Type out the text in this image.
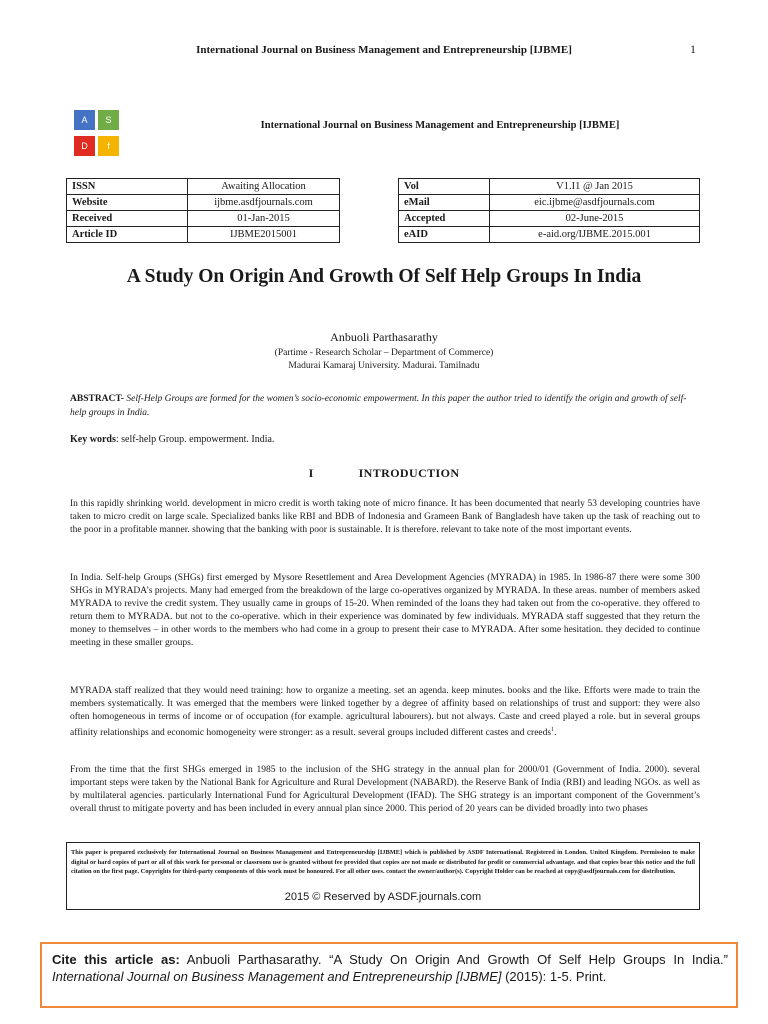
International Journal on Business Management and Entrepreneurship [IJBME]	1
A	S
D	f
International Journal on Business Management and Entrepreneurship [IJBME]
ISSN	Awaiting Allocation
Website	ijbme.asdfjournals.com
Received	01-Jan-2015
Article ID	IJBME2015001
Vol	V1.I1 @ Jan 2015
eMail	eic.ijbme@asdfjournals.com
Accepted	02-June-2015
eAID	e-aid.org/IJBME.2015.001
A Study On Origin And Growth Of Self Help Groups In India
Anbuoli Parthasarathy
(Partime - Research Scholar – Department of Commerce)
Madurai Kamaraj University. Madurai. Tamilnadu
ABSTRACT- Self-Help Groups are formed for the women’s socio-economic empowerment. In this paper the author tried to identify the origin and growth of self-help groups in India.
Key words: self-help Group. empowerment. India.
I	INTRODUCTION
In this rapidly shrinking world. development in micro credit is worth taking note of micro finance. It has been documented that nearly 53 developing countries have taken to micro credit on large scale. Specialized banks like RBI and BDB of Indonesia and Grameen Bank of Bangladesh have taken up the task of reaching out to the poor in a profitable manner. showing that the banking with poor is sustainable. It is therefore. relevant to take note of the most important events.
In India. Self-help Groups (SHGs) first emerged by Mysore Resettlement and Area Development Agencies (MYRADA) in 1985. In 1986-87 there were some 300 SHGs in MYRADA’s projects. Many had emerged from the breakdown of the large co-operatives organized by MYRADA. In these areas. number of members asked MYRADA to revive the credit system. They usually came in groups of 15-20. When reminded of the loans they had taken out from the co-operative. they offered to return them to MYRADA. but not to the co-operative. which in their experience was dominated by few individuals. MYRADA staff suggested that they return the money to themselves – in other words to the members who had come in a group to present their case to MYRADA. After some hesitation. they decided to continue meeting in these smaller groups.
MYRADA staff realized that they would need training: how to organize a meeting. set an agenda. keep minutes. books and the like. Efforts were made to train the members systematically. It was emerged that the members were linked together by a degree of affinity based on relationships of trust and support: they were also often homogeneous in terms of income or of occupation (for example. agricultural labourers). but not always. Caste and creed played a role. but in several groups affinity relationships and economic homogeneity were stronger: as a result. several groups included different castes and creeds$^1$.
From the time that the first SHGs emerged in 1985 to the inclusion of the SHG strategy in the annual plan for 2000/01 (Government of India. 2000). several important steps were taken by the National Bank for Agriculture and Rural Development (NABARD). the Reserve Bank of India (RBI) and leading NGOs. as well as by multilateral agencies. particularly International Fund for Agricultural Development (IFAD). The SHG strategy is an important component of the Government’s overall thrust to mitigate poverty and has been included in every annual plan since 2000. This period of 20 years can be divided broadly into two phases
This paper is prepared exclusively for International Journal on Business Management and Entrepreneurship [IJBME] which is published by ASDF International. Registered in London. United Kingdom. Permission to make digital or hard copies of part or all of this work for personal or classroom use is granted without fee provided that copies are not made or distributed for profit or commercial advantage. and that copies bear this notice and the full citation on the first page. Copyrights for third-party components of this work must be honoured. For all other uses. contact the owner/author(s). Copyright Holder can be reached at copy@asdfjournals.com for distribution.
2015 © Reserved by ASDF.journals.com
Cite this article as: Anbuoli Parthasarathy. “A Study On Origin And Growth Of Self Help Groups In India.” International Journal on Business Management and Entrepreneurship [IJBME] (2015): 1-5. Print.
